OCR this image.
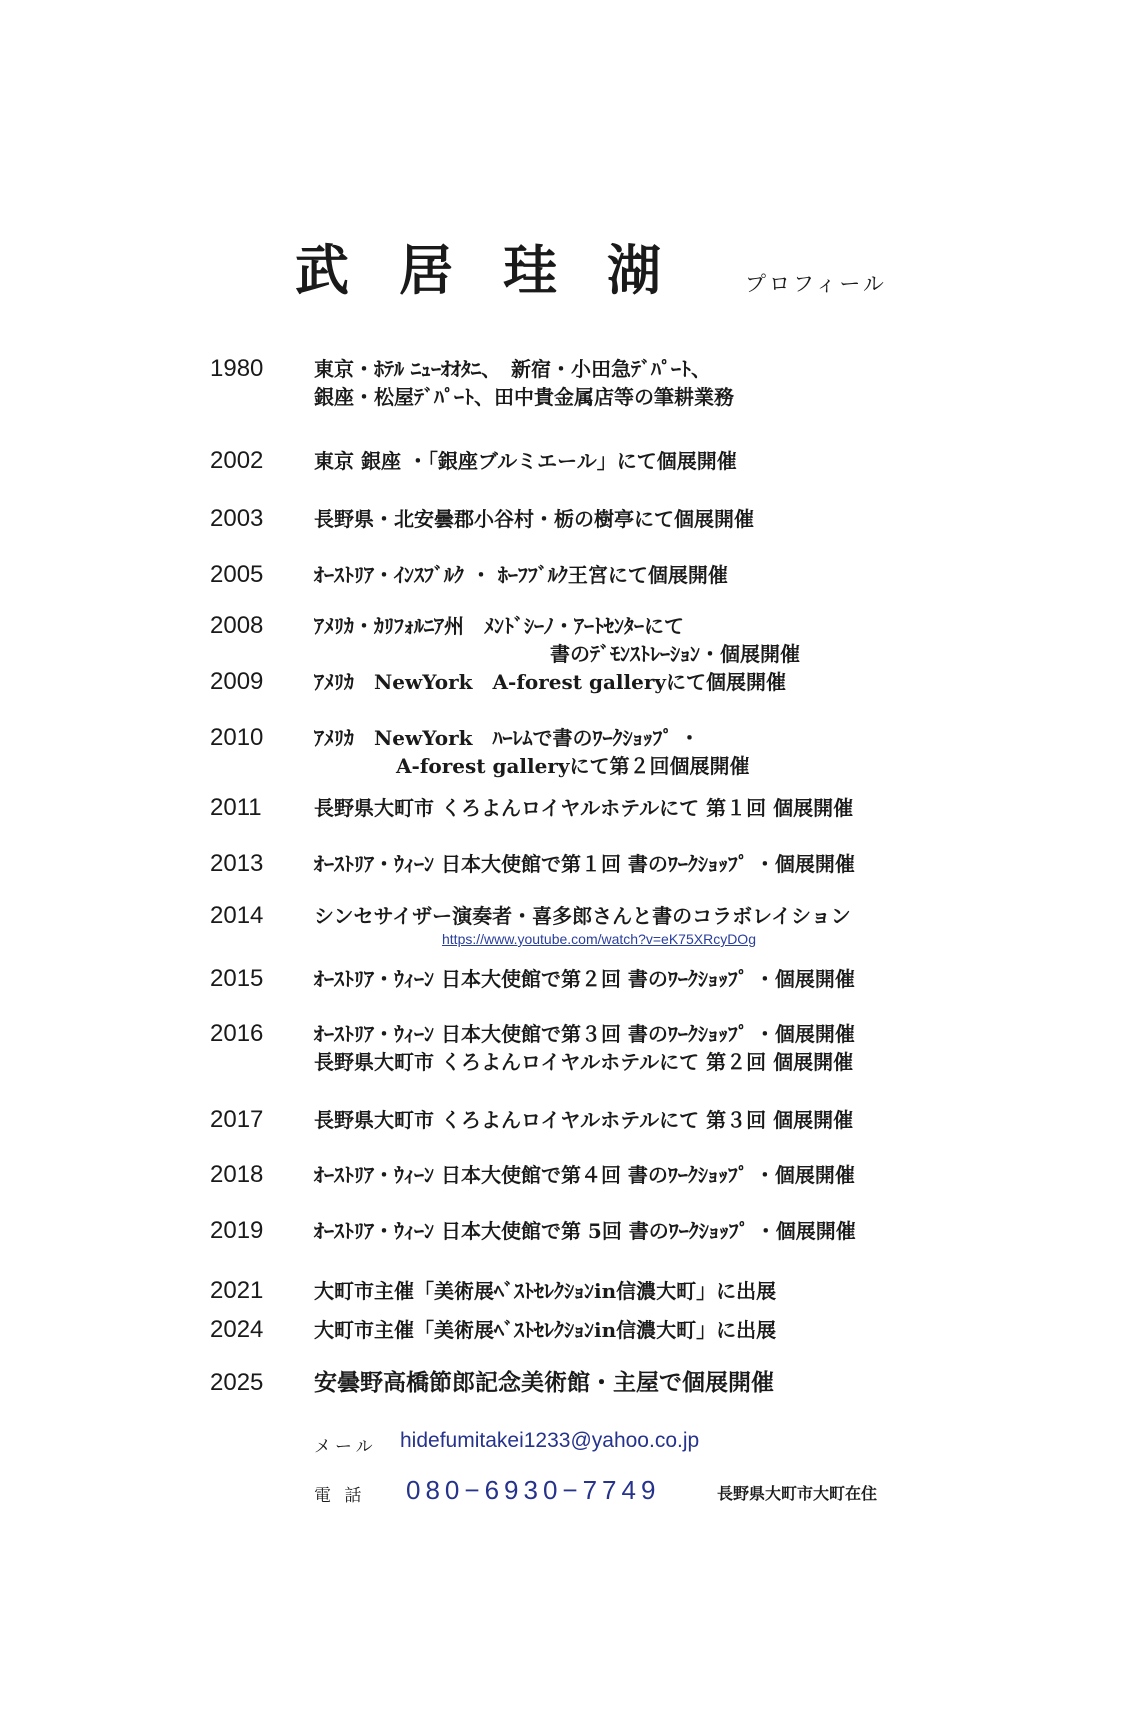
武居珪湖 プロフィール
1980	東京・ﾎﾃﾙ ﾆｭｰｵｵﾀﾆ、　新宿・小田急ﾃﾞﾊﾟｰﾄ、
銀座・松屋ﾃﾞﾊﾟｰﾄ、田中貴金属店等の筆耕業務
2002	東京 銀座 ・「銀座ブルミエール」にて個展開催
2003	長野県・北安曇郡小谷村・栃の樹亭にて個展開催
2005	ｵｰｽﾄﾘｱ・ｲﾝｽﾌﾞﾙｸ ・ ﾎｰﾌﾌﾞﾙｸ王宮にて個展開催
2008	ｱﾒﾘｶ・ｶﾘﾌｫﾙﾆｱ州　ﾒﾝﾄﾞｼｰﾉ・ｱｰﾄｾﾝﾀｰにて
書のﾃﾞﾓﾝｽﾄﾚｰｼｮﾝ・個展開催
2009	ｱﾒﾘｶ　NewYork　A-forest galleryにて個展開催
2010	ｱﾒﾘｶ　NewYork　ﾊｰﾚﾑで書のﾜｰｸｼｮｯﾌﾟ ・
A-forest galleryにて第２回個展開催
2011	長野県大町市 くろよんロイヤルホテルにて 第１回 個展開催
2013	ｵｰｽﾄﾘｱ・ｳｨｰﾝ 日本大使館で第１回 書のﾜｰｸｼｮｯﾌﾟ ・個展開催
2014	シンセサイザー演奏者・喜多郎さんと書のコラボレイション
https://www.youtube.com/watch?v=eK75XRcyDOg
2015	ｵｰｽﾄﾘｱ・ｳｨｰﾝ 日本大使館で第２回 書のﾜｰｸｼｮｯﾌﾟ ・個展開催
2016	ｵｰｽﾄﾘｱ・ｳｨｰﾝ 日本大使館で第３回 書のﾜｰｸｼｮｯﾌﾟ ・個展開催
長野県大町市 くろよんロイヤルホテルにて 第２回 個展開催
2017	長野県大町市 くろよんロイヤルホテルにて 第３回 個展開催
2018	ｵｰｽﾄﾘｱ・ｳｨｰﾝ 日本大使館で第４回 書のﾜｰｸｼｮｯﾌﾟ ・個展開催
2019	ｵｰｽﾄﾘｱ・ｳｨｰﾝ 日本大使館で第 5回 書のﾜｰｸｼｮｯﾌﾟ ・個展開催
2021	大町市主催「美術展ﾍﾞｽﾄｾﾚｸｼｮﾝin信濃大町」に出展
2024	大町市主催「美術展ﾍﾞｽﾄｾﾚｸｼｮﾝin信濃大町」に出展
2025 安曇野高橋節郎記念美術館・主屋で個展開催
メール hidefumitakei1233@yahoo.co.jp
電 話 080−6930−7749	長野県大町市大町在住
